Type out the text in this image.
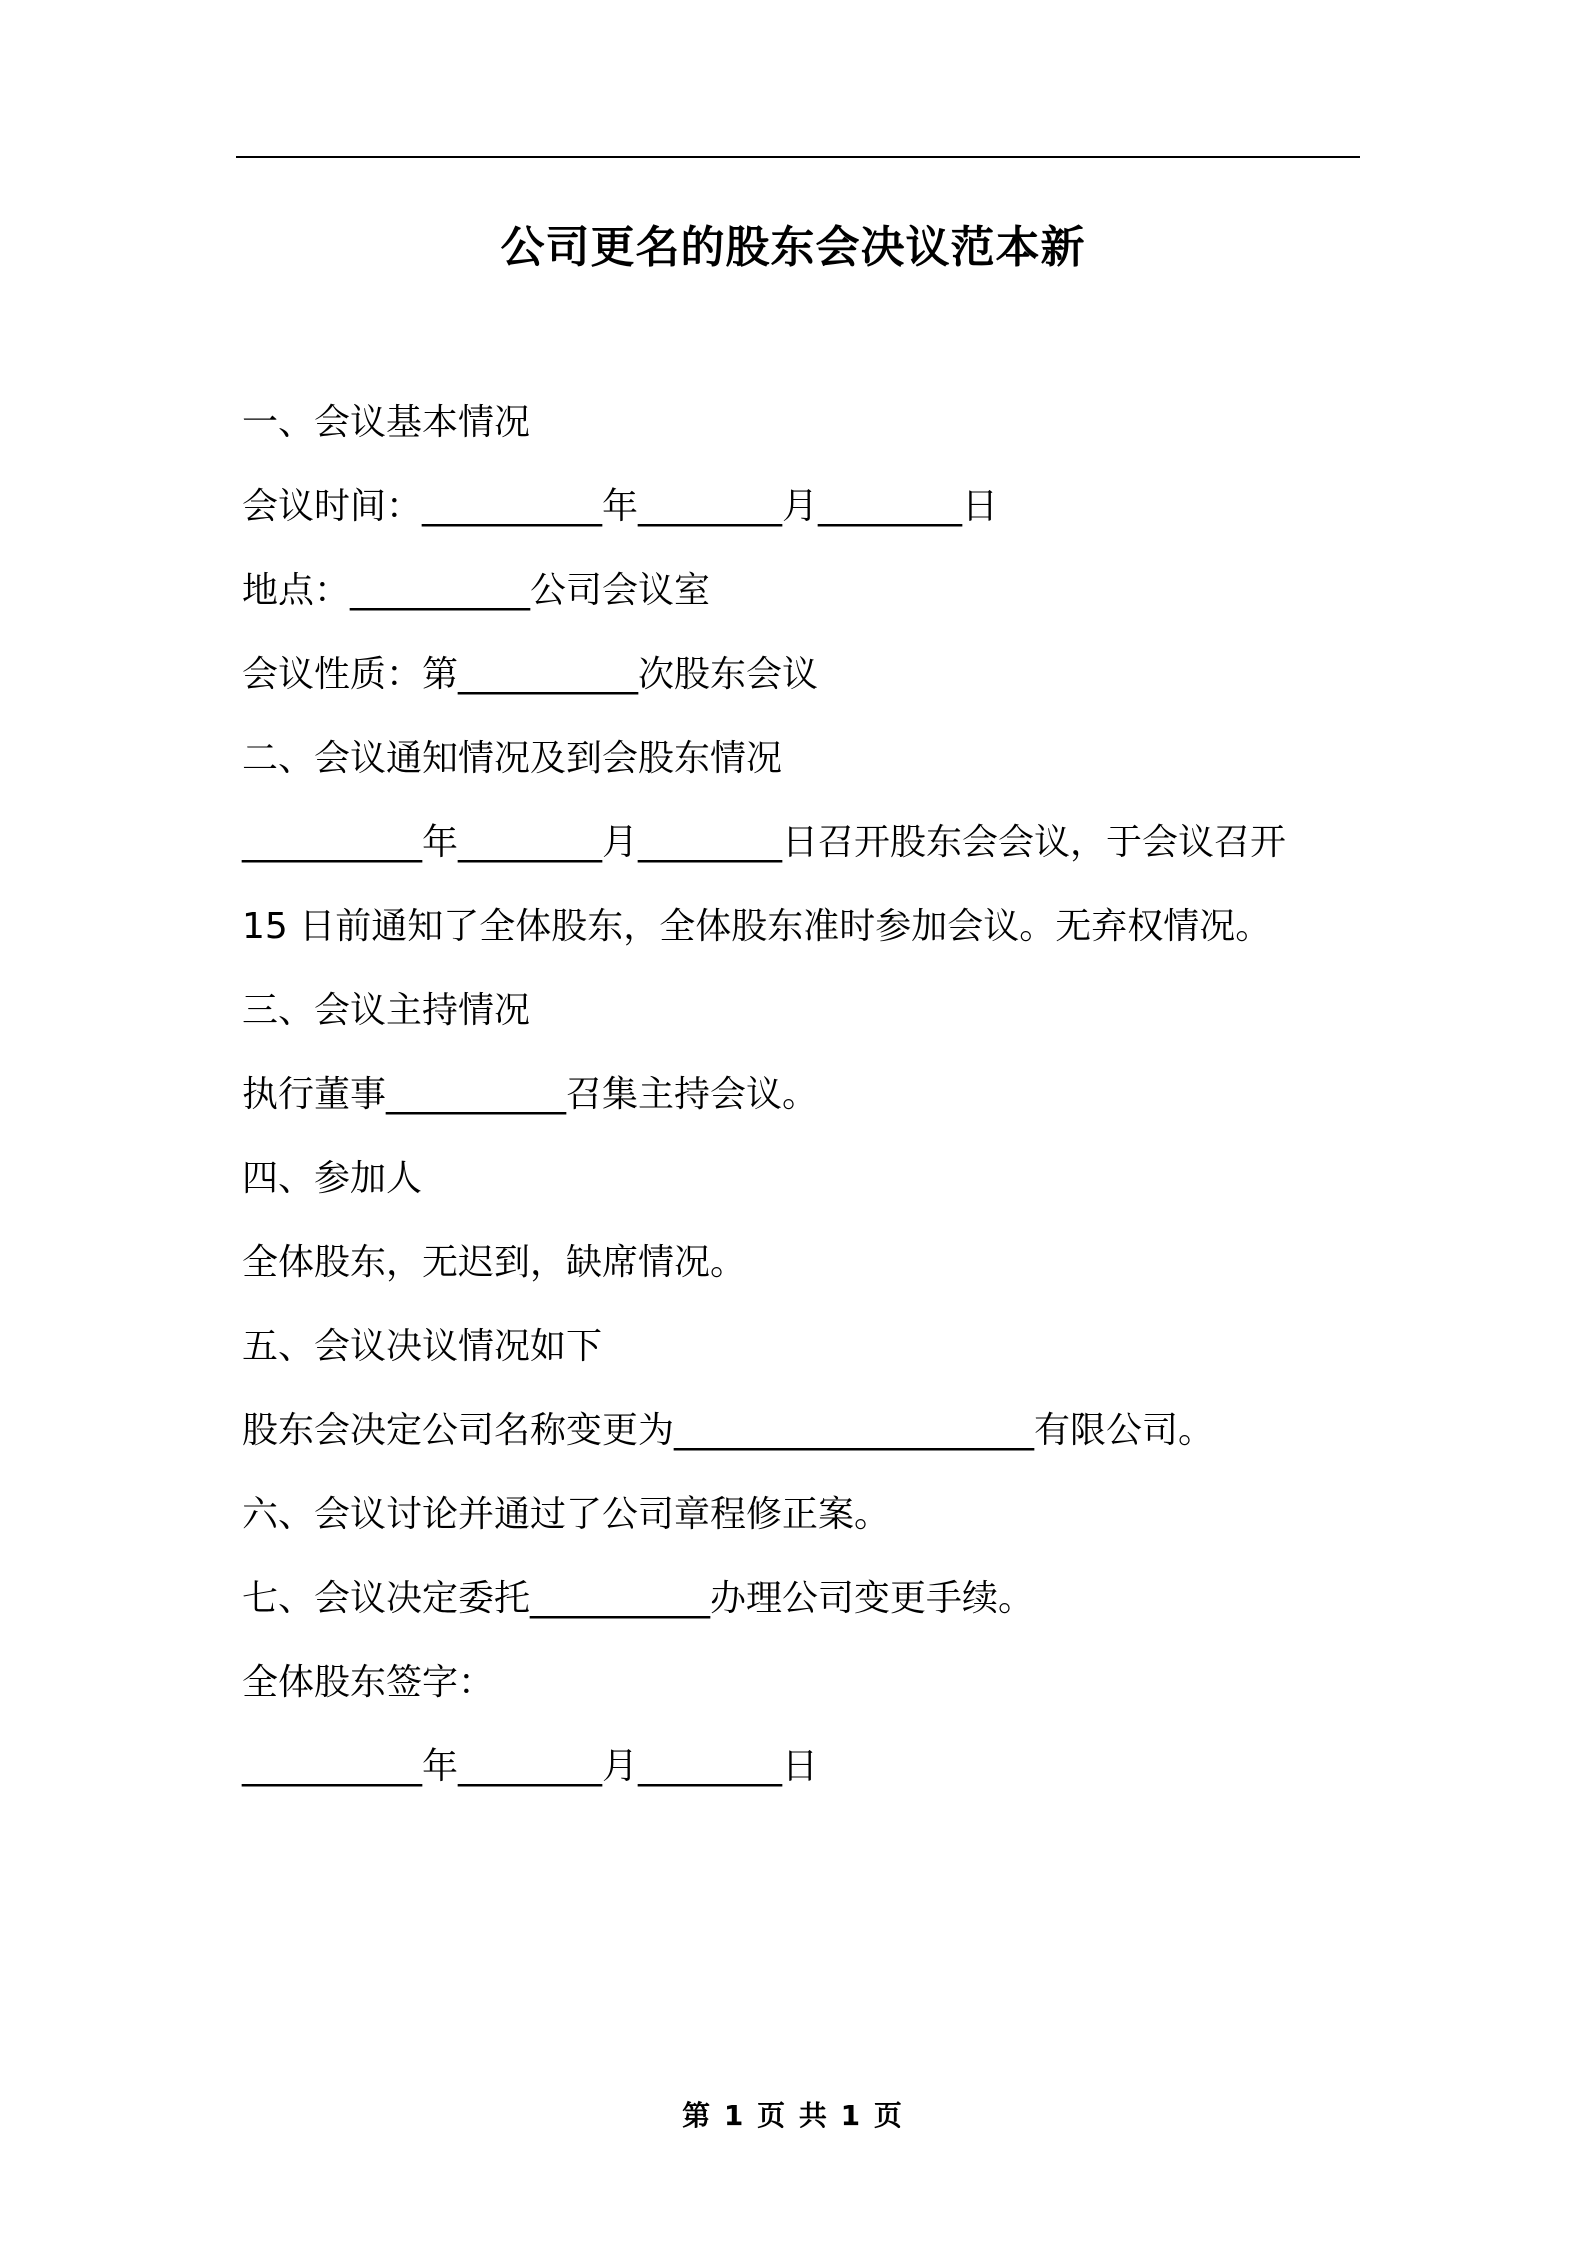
公司更名的股东会决议范本新
一、会议基本情况
会议时间：__________年________月________日
地点：__________公司会议室
会议性质：第__________次股东会议
二、会议通知情况及到会股东情况
__________年________月________日召开股东会会议，于会议召开
15 日前通知了全体股东，全体股东准时参加会议。无弃权情况。
三、会议主持情况
执行董事__________召集主持会议。
四、参加人
全体股东，无迟到，缺席情况。
五、会议决议情况如下
股东会决定公司名称变更为____________________有限公司。
六、会议讨论并通过了公司章程修正案。
七、会议决定委托__________办理公司变更手续。
全体股东签字：
__________年________月________日
第 1 页 共 1 页
